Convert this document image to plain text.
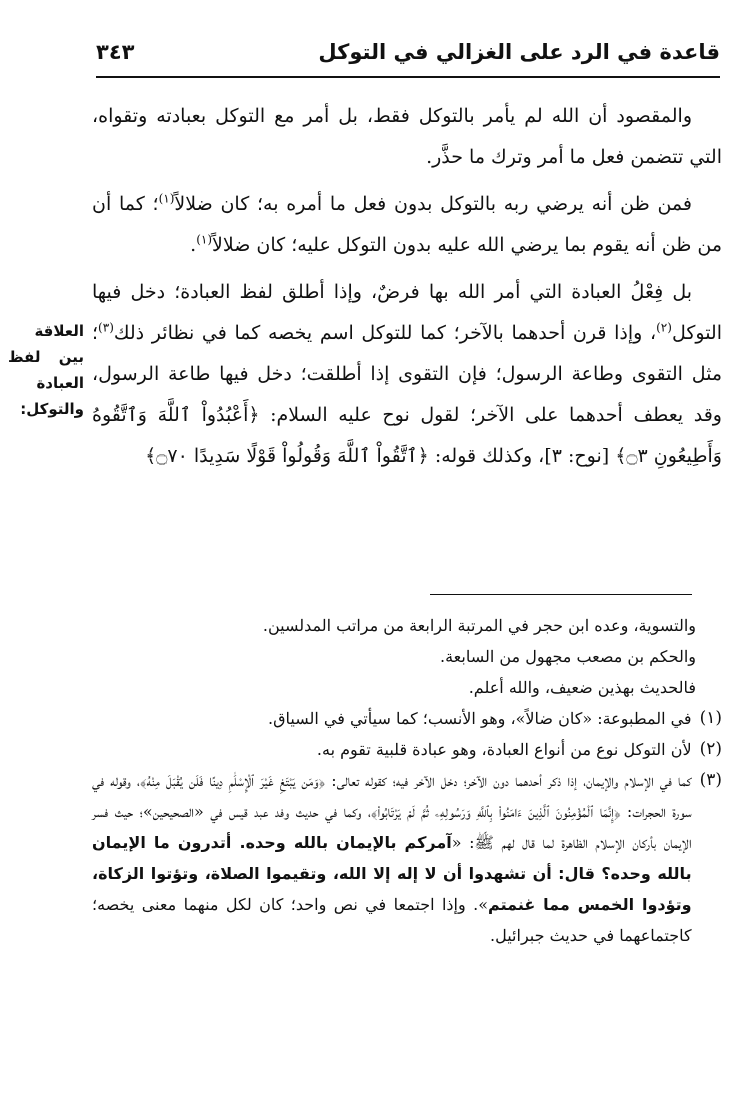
قاعدة في الرد على الغزالي في التوكل
٣٤٣

والمقصود أن الله لم يأمر بالتوكل فقط، بل أمر مع التوكل بعبادته وتقواه، التي تتضمن فعل ما أمر وترك ما حذَّر.

فمن ظن أنه يرضي ربه بالتوكل بدون فعل ما أمره به؛ كان ضلالاً$^{(١)}$؛ كما أن من ظن أنه يقوم بما يرضي الله عليه بدون التوكل عليه؛ كان ضلالاً$^{(١)}$.

بل فِعْلُ العبادة التي أمر الله بها فرضٌ، وإذا أطلق لفظ العبادة؛ دخل فيها التوكل$^{(٢)}$، وإذا قرن أحدهما بالآخر؛ كما للتوكل اسم يخصه كما في نظائر ذلك$^{(٣)}$؛ مثل التقوى وطاعة الرسول؛ فإن التقوى إذا أطلقت؛ دخل فيها طاعة الرسول، وقد يعطف أحدهما على الآخر؛ لقول نوح عليه السلام: ﴿أَعْبُدُواْ ٱللَّهَ وَٱتَّقُوهُ وَأَطِيعُونِ ۝٣﴾ [نوح: ٣]، وكذلك قوله: ﴿ٱتَّقُواْ ٱللَّهَ وَقُولُواْ قَوْلًا سَدِيدًا ۝٧٠﴾

العلاقة بين لفظ العبادة والتوكل:

والتسوية، وعده ابن حجر في المرتبة الرابعة من مراتب المدلسين.

والحكم بن مصعب مجهول من السابعة.

فالحديث بهذين ضعيف، والله أعلم.

(١)
في المطبوعة: «كان ضالاً»، وهو الأنسب؛ كما سيأتي في السياق.
(٢)
لأن التوكل نوع من أنواع العبادة، وهو عبادة قلبية تقوم به.
(٣)
كما في الإسلام والإيمان، إذا ذكر أحدهما دون الآخر؛ دخل الآخر فيه؛ كقوله تعالى: ﴿وَمَن يَبْتَغِ غَيْرَ ٱلْإِسْلَٰمِ دِينًا فَلَن يُقْبَلَ مِنْهُ﴾، وقوله في سورة الحجرات: ﴿إِنَّمَا ٱلْمُؤْمِنُونَ ٱلَّذِينَ ءَامَنُواْ بِٱللَّهِ وَرَسُولِهِۦ ثُمَّ لَمْ يَرْتَابُواْ﴾، وكما في حديث وفد عبد قيس في «الصحيحين»؛ حيث فسر الإيمان بأركان الإسلام الظاهرة لما قال لهم ﷺ: «آمركم بالإيمان بالله وحده. أتدرون ما الإيمان بالله وحده؟ قال: أن تشهدوا أن لا إله إلا الله، وتقيموا الصلاة، وتؤتوا الزكاة، وتؤدوا الخمس مما غنمتم». وإذا اجتمعا في نص واحد؛ كان لكل منهما معنى يخصه؛ كاجتماعهما في حديث جبرائيل.
